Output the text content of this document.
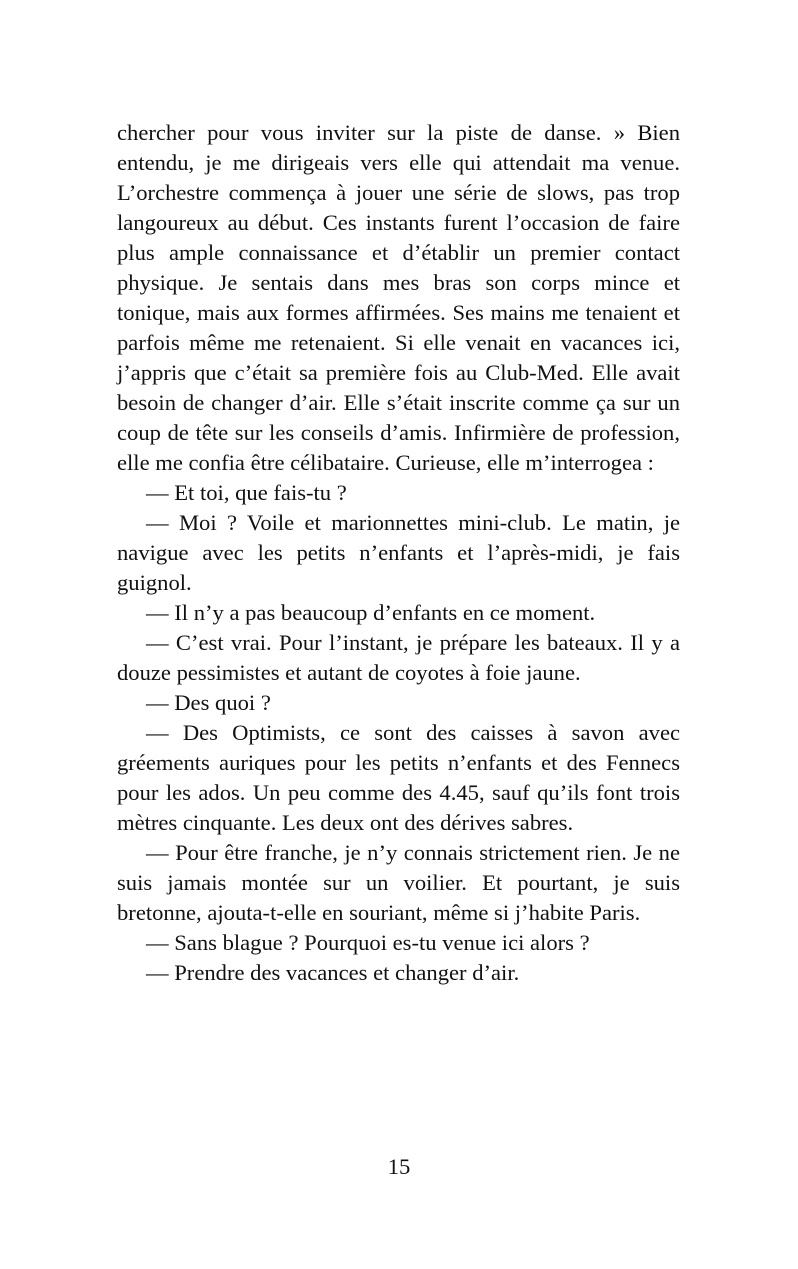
chercher pour vous inviter sur la piste de danse. » Bien entendu, je me dirigeais vers elle qui attendait ma venue. L’orchestre commença à jouer une série de slows, pas trop langoureux au début. Ces instants furent l’occasion de faire plus ample connaissance et d’établir un premier contact physique. Je sentais dans mes bras son corps mince et tonique, mais aux formes affirmées. Ses mains me tenaient et parfois même me retenaient. Si elle venait en vacances ici, j’appris que c’était sa première fois au Club-Med. Elle avait besoin de changer d’air. Elle s’était inscrite comme ça sur un coup de tête sur les conseils d’amis. Infirmière de profession, elle me confia être célibataire. Curieuse, elle m’interrogea :

— Et toi, que fais-tu ?

— Moi ? Voile et marionnettes mini-club. Le matin, je navigue avec les petits n’enfants et l’après-midi, je fais guignol.

— Il n’y a pas beaucoup d’enfants en ce moment.

— C’est vrai. Pour l’instant, je prépare les bateaux. Il y a douze pessimistes et autant de coyotes à foie jaune.

— Des quoi ?

— Des Optimists, ce sont des caisses à savon avec gréements auriques pour les petits n’enfants et des Fennecs pour les ados. Un peu comme des 4.45, sauf qu’ils font trois mètres cinquante. Les deux ont des dérives sabres.

— Pour être franche, je n’y connais strictement rien. Je ne suis jamais montée sur un voilier. Et pourtant, je suis bretonne, ajouta-t-elle en souriant, même si j’habite Paris.

— Sans blague ? Pourquoi es-tu venue ici alors ?

— Prendre des vacances et changer d’air.

15
